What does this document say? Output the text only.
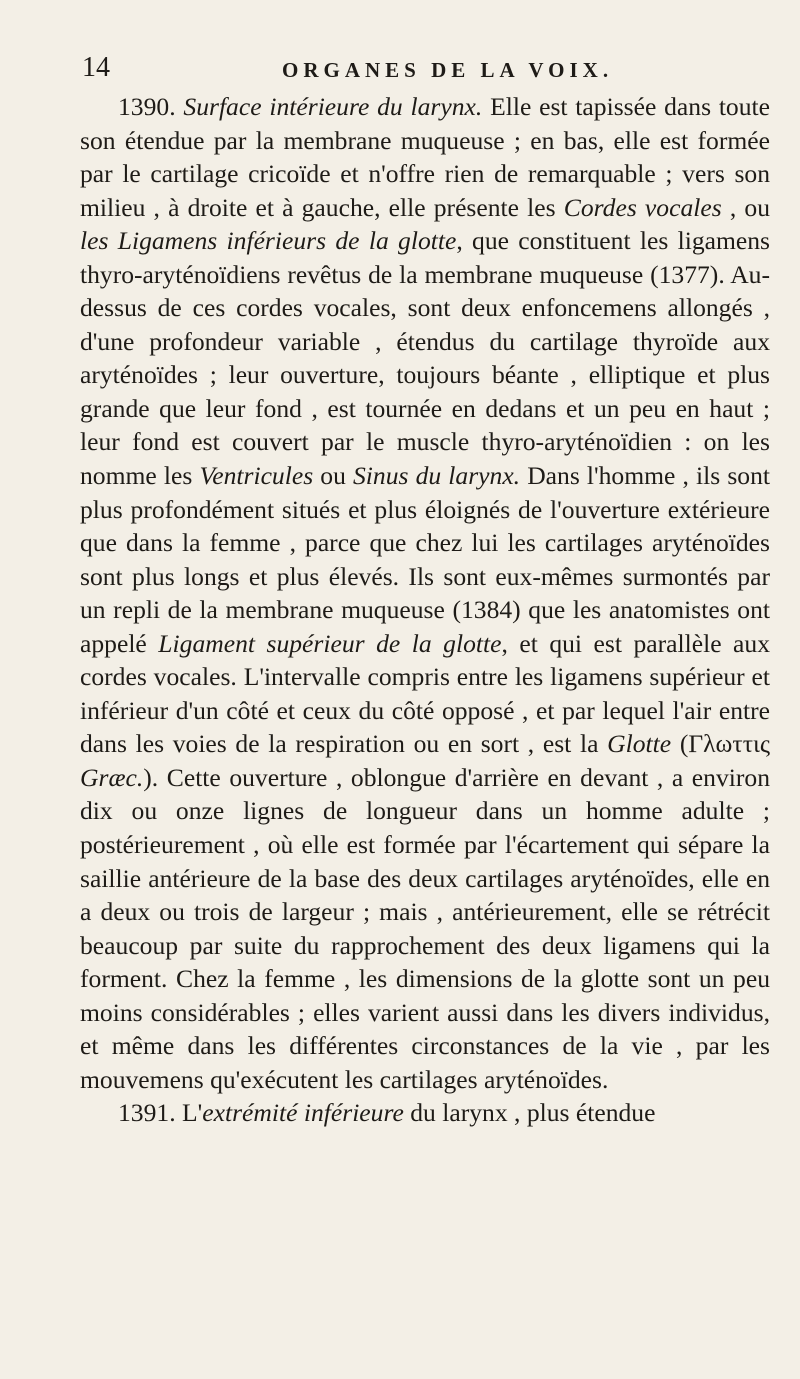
14	ORGANES DE LA VOIX.

1390. Surface intérieure du larynx. Elle est tapissée dans toute son étendue par la membrane muqueuse ; en bas, elle est formée par le cartilage cricoïde et n'offre rien de remarquable ; vers son milieu , à droite et à gauche, elle présente les Cordes vocales , ou les Ligamens inférieurs de la glotte, que constituent les ligamens thyro-aryténoïdiens revêtus de la membrane muqueuse (1377). Au-dessus de ces cordes vocales, sont deux enfoncemens allongés , d'une profondeur variable , étendus du cartilage thyroïde aux aryténoïdes ; leur ouverture, toujours béante , elliptique et plus grande que leur fond , est tournée en dedans et un peu en haut ; leur fond est couvert par le muscle thyro-aryténoïdien : on les nomme les Ventricules ou Sinus du larynx. Dans l'homme , ils sont plus profondément situés et plus éloignés de l'ouverture extérieure que dans la femme , parce que chez lui les cartilages aryténoïdes sont plus longs et plus élevés. Ils sont eux-mêmes surmontés par un repli de la membrane muqueuse (1384) que les anatomistes ont appelé Ligament supérieur de la glotte, et qui est parallèle aux cordes vocales. L'intervalle compris entre les ligamens supérieur et inférieur d'un côté et ceux du côté opposé , et par lequel l'air entre dans les voies de la respiration ou en sort , est la Glotte (Γλωττις Græc.). Cette ouverture , oblongue d'arrière en devant , a environ dix ou onze lignes de longueur dans un homme adulte ; postérieurement , où elle est formée par l'écartement qui sépare la saillie antérieure de la base des deux cartilages aryténoïdes, elle en a deux ou trois de largeur ; mais , antérieurement, elle se rétrécit beaucoup par suite du rapprochement des deux ligamens qui la forment. Chez la femme , les dimensions de la glotte sont un peu moins considérables ; elles varient aussi dans les divers individus, et même dans les différentes circonstances de la vie , par les mouvemens qu'exécutent les cartilages aryténoïdes.

1391. L'extrémité inférieure du larynx , plus étendue
